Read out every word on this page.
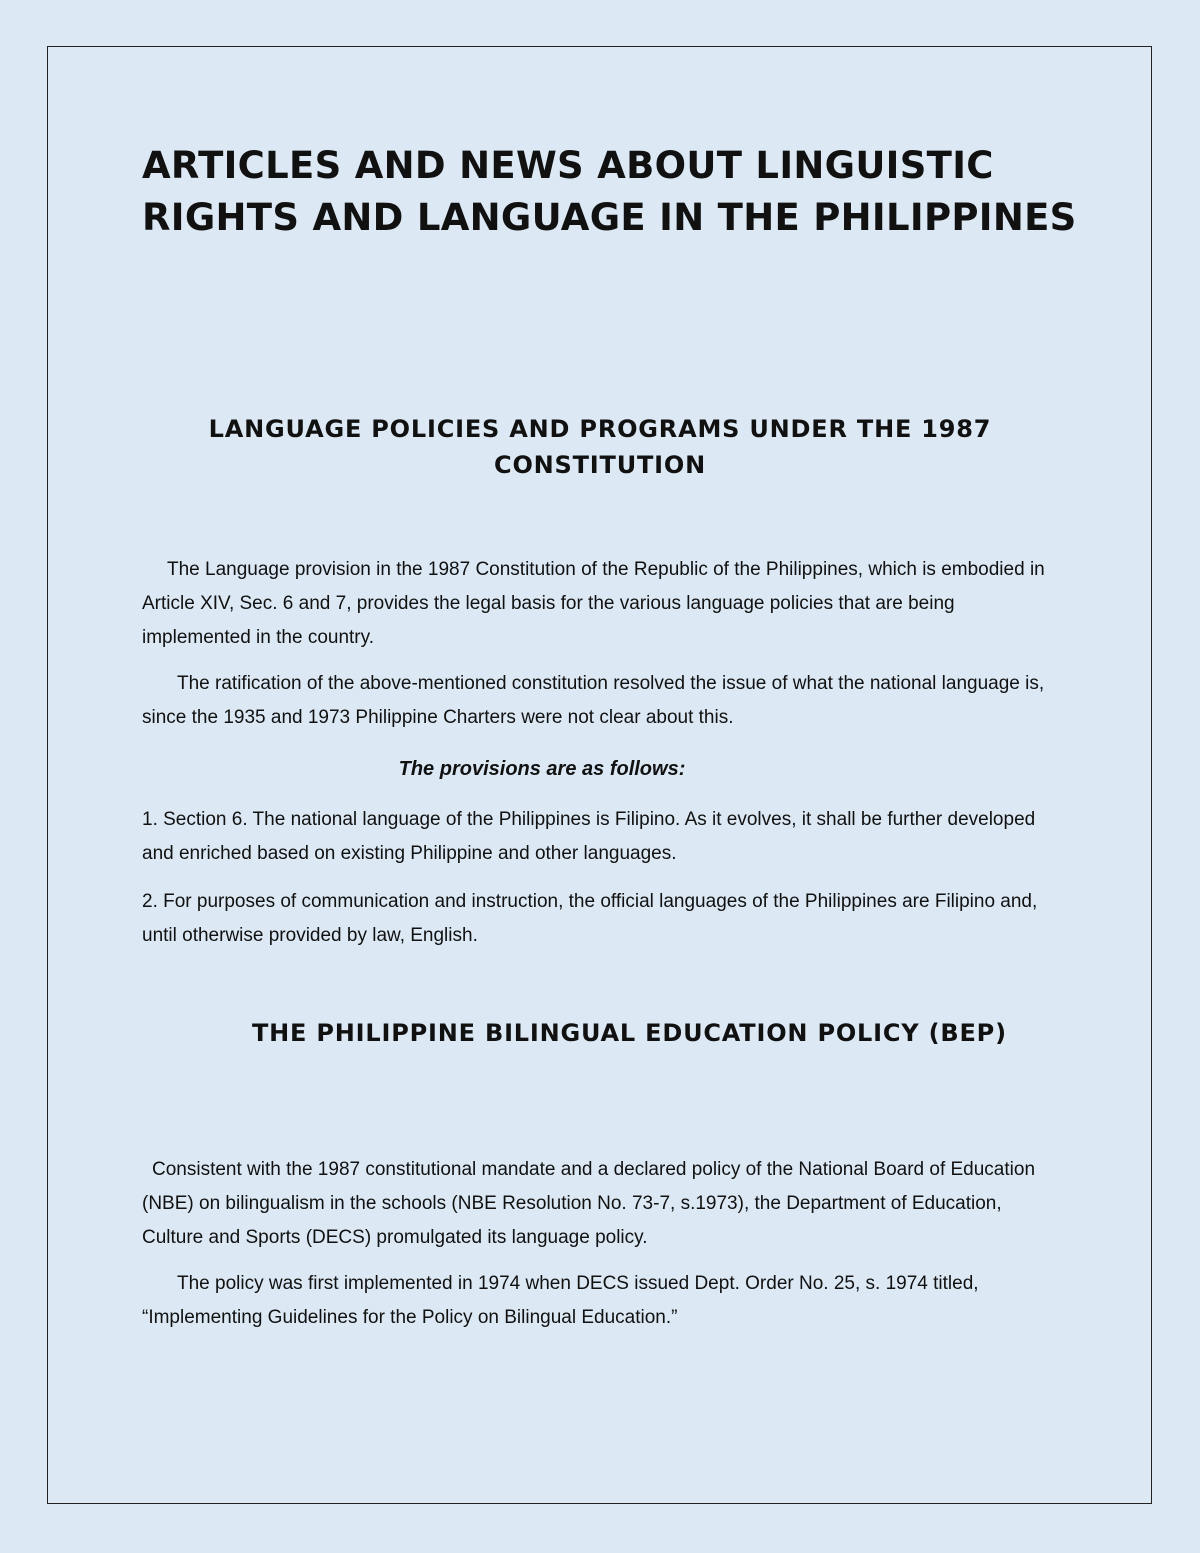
ARTICLES AND NEWS ABOUT LINGUISTIC RIGHTS AND LANGUAGE IN THE PHILIPPINES
LANGUAGE POLICIES AND PROGRAMS UNDER THE 1987 CONSTITUTION

The Language provision in the 1987 Constitution of the Republic of the Philippines, which is embodied in Article XIV, Sec. 6 and 7, provides the legal basis for the various language policies that are being implemented in the country.

The ratification of the above-mentioned constitution resolved the issue of what the national language is, since the 1935 and 1973 Philippine Charters were not clear about this.

The provisions are as follows:

1. Section 6. The national language of the Philippines is Filipino. As it evolves, it shall be further developed and enriched based on existing Philippine and other languages.

2. For purposes of communication and instruction, the official languages of the Philippines are Filipino and, until otherwise provided by law, English.

THE PHILIPPINE BILINGUAL EDUCATION POLICY (BEP)

Consistent with the 1987 constitutional mandate and a declared policy of the National Board of Education (NBE) on bilingualism in the schools (NBE Resolution No. 73-7, s.1973), the Department of Education, Culture and Sports (DECS) promulgated its language policy.

The policy was first implemented in 1974 when DECS issued Dept. Order No. 25, s. 1974 titled, “Implementing Guidelines for the Policy on Bilingual Education.”
